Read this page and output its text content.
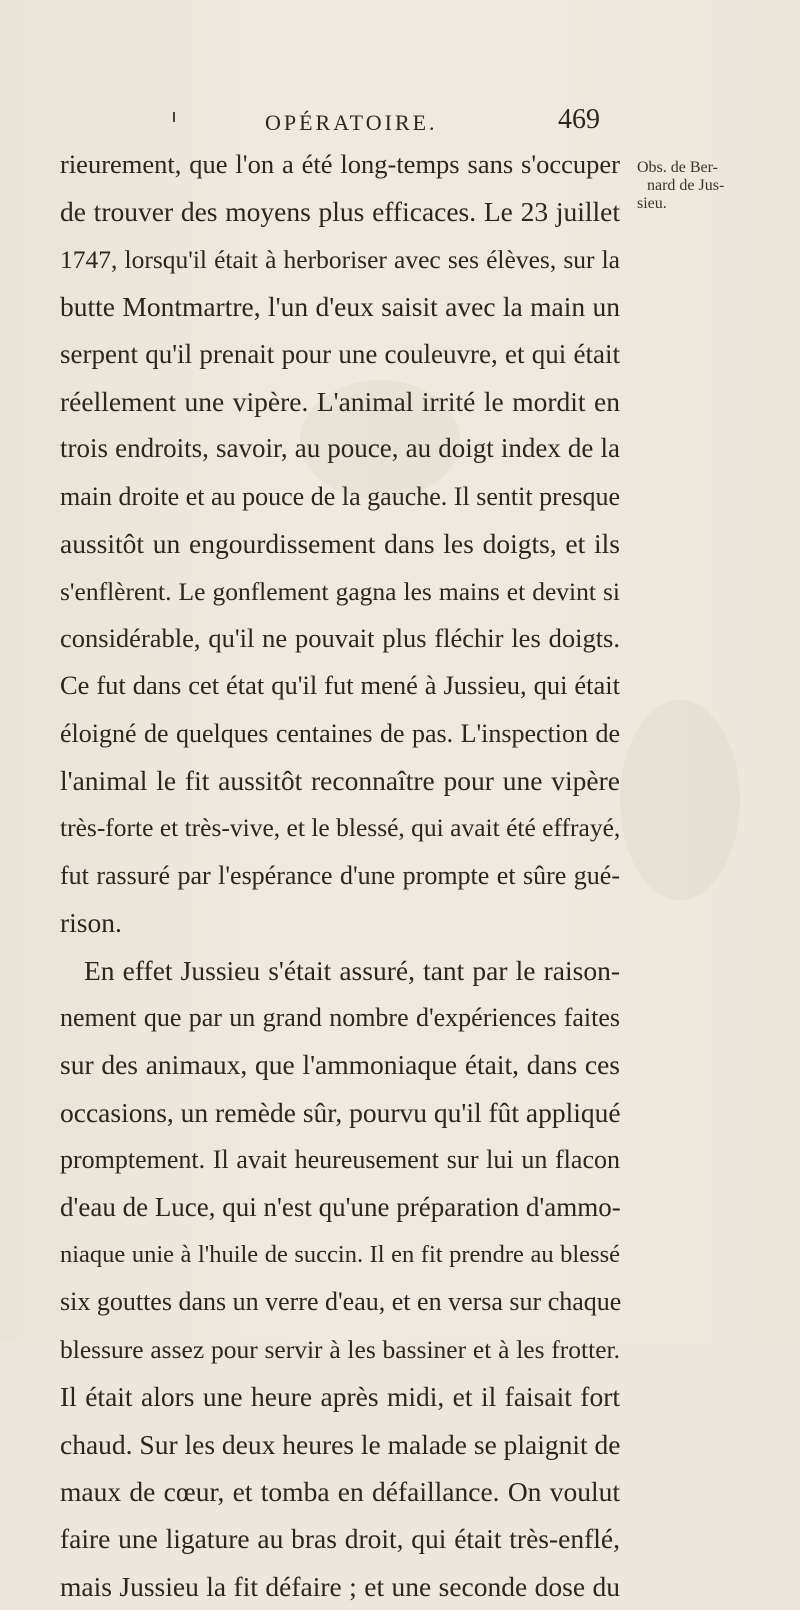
OPÉRATOIRE.	469
Obs. de Ber-
nard de Jus-
sieu.
rieurement, que l'on a été long-temps sans s'occuper
de trouver des moyens plus efficaces. Le 23 juillet
1747, lorsqu'il était à herboriser avec ses élèves, sur la
butte Montmartre, l'un d'eux saisit avec la main un
serpent qu'il prenait pour une couleuvre, et qui était
réellement une vipère. L'animal irrité le mordit en
trois endroits, savoir, au pouce, au doigt index de la
main droite et au pouce de la gauche. Il sentit presque
aussitôt un engourdissement dans les doigts, et ils
s'enflèrent. Le gonflement gagna les mains et devint si
considérable, qu'il ne pouvait plus fléchir les doigts.
Ce fut dans cet état qu'il fut mené à Jussieu, qui était
éloigné de quelques centaines de pas. L'inspection de
l'animal le fit aussitôt reconnaître pour une vipère
très-forte et très-vive, et le blessé, qui avait été effrayé,
fut rassuré par l'espérance d'une prompte et sûre gué-
rison.
En effet Jussieu s'était assuré, tant par le raison-
nement que par un grand nombre d'expériences faites
sur des animaux, que l'ammoniaque était, dans ces
occasions, un remède sûr, pourvu qu'il fût appliqué
promptement. Il avait heureusement sur lui un flacon
d'eau de Luce, qui n'est qu'une préparation d'ammo-
niaque unie à l'huile de succin. Il en fit prendre au blessé
six gouttes dans un verre d'eau, et en versa sur chaque
blessure assez pour servir à les bassiner et à les frotter.
Il était alors une heure après midi, et il faisait fort
chaud. Sur les deux heures le malade se plaignit de
maux de cœur, et tomba en défaillance. On voulut
faire une ligature au bras droit, qui était très-enflé,
mais Jussieu la fit défaire ; et une seconde dose du
